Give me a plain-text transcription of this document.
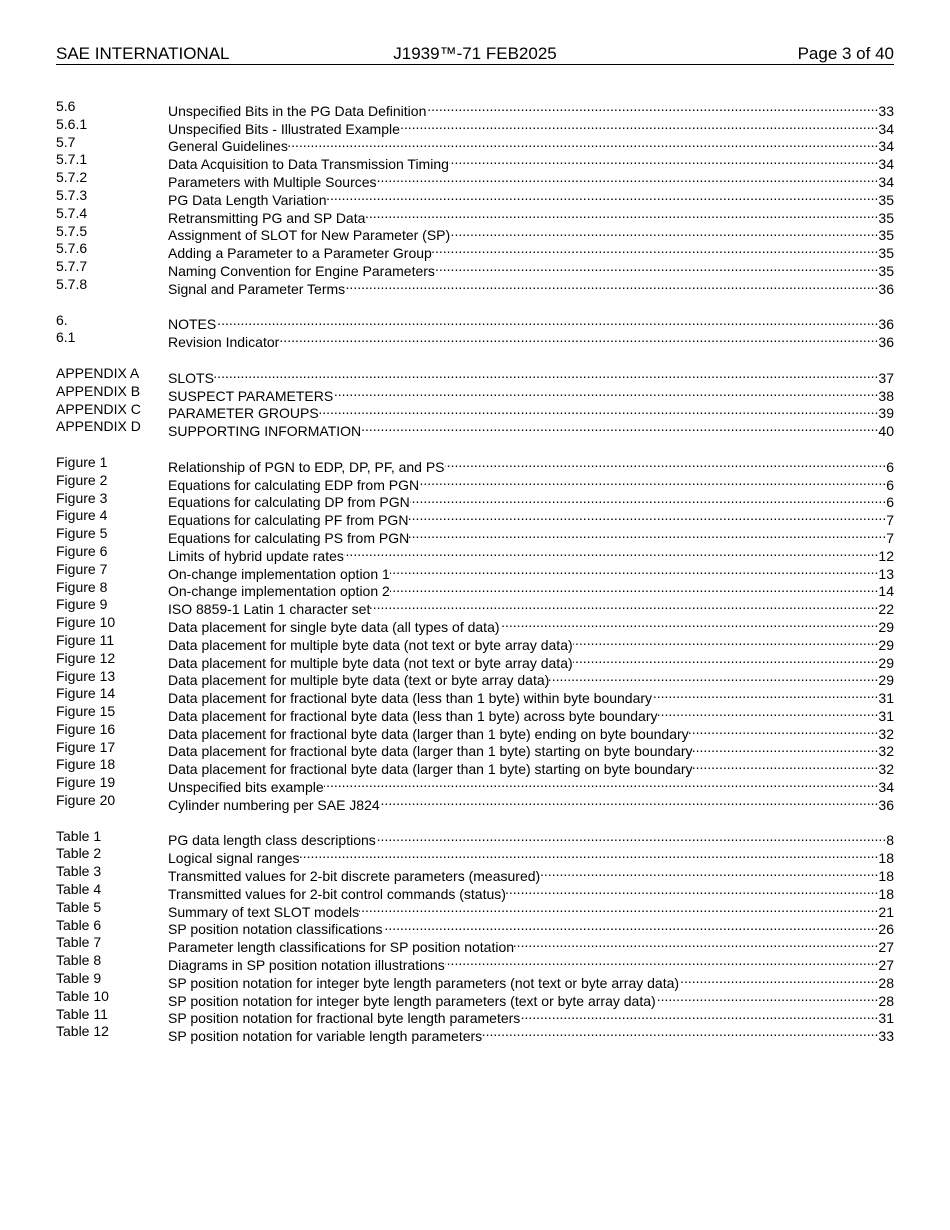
SAE INTERNATIONAL	J1939™-71 FEB2025	Page 3 of 40
5.6	Unspecified Bits in the PG Data Definition .....	33
5.6.1	Unspecified Bits - Illustrated Example .....	34
5.7	General Guidelines .....	34
5.7.1	Data Acquisition to Data Transmission Timing .....	34
5.7.2	Parameters with Multiple Sources .....	34
5.7.3	PG Data Length Variation .....	35
5.7.4	Retransmitting PG and SP Data .....	35
5.7.5	Assignment of SLOT for New Parameter (SP) .....	35
5.7.6	Adding a Parameter to a Parameter Group .....	35
5.7.7	Naming Convention for Engine Parameters .....	35
5.7.8	Signal and Parameter Terms .....	36
6.	NOTES .....	36
6.1	Revision Indicator .....	36
APPENDIX A SLOTS .....	37
APPENDIX B SUSPECT PARAMETERS .....	38
APPENDIX C PARAMETER GROUPS .....	39
APPENDIX D SUPPORTING INFORMATION .....	40
Figure 1	Relationship of PGN to EDP, DP, PF, and PS .....	6
Figure 2	Equations for calculating EDP from PGN .....	6
Figure 3	Equations for calculating DP from PGN .....	6
Figure 4	Equations for calculating PF from PGN .....	7
Figure 5	Equations for calculating PS from PGN .....	7
Figure 6	Limits of hybrid update rates .....	12
Figure 7	On-change implementation option 1 .....	13
Figure 8	On-change implementation option 2 .....	14
Figure 9	ISO 8859-1 Latin 1 character set .....	22
Figure 10	Data placement for single byte data (all types of data) .....	29
Figure 11	Data placement for multiple byte data (not text or byte array data) .....	29
Figure 12	Data placement for multiple byte data (not text or byte array data) .....	29
Figure 13	Data placement for multiple byte data (text or byte array data) .....	29
Figure 14	Data placement for fractional byte data (less than 1 byte) within byte boundary .....	31
Figure 15	Data placement for fractional byte data (less than 1 byte) across byte boundary .....	31
Figure 16	Data placement for fractional byte data (larger than 1 byte) ending on byte boundary .....	32
Figure 17	Data placement for fractional byte data (larger than 1 byte) starting on byte boundary .....	32
Figure 18	Data placement for fractional byte data (larger than 1 byte) starting on byte boundary .....	32
Figure 19	Unspecified bits example .....	34
Figure 20	Cylinder numbering per SAE J824 .....	36
Table 1	PG data length class descriptions .....	8
Table 2	Logical signal ranges .....	18
Table 3	Transmitted values for 2-bit discrete parameters (measured) .....	18
Table 4	Transmitted values for 2-bit control commands (status) .....	18
Table 5	Summary of text SLOT models .....	21
Table 6	SP position notation classifications .....	26
Table 7	Parameter length classifications for SP position notation .....	27
Table 8	Diagrams in SP position notation illustrations .....	27
Table 9	SP position notation for integer byte length parameters (not text or byte array data) .....	28
Table 10	SP position notation for integer byte length parameters (text or byte array data) .....	28
Table 11	SP position notation for fractional byte length parameters .....	31
Table 12	SP position notation for variable length parameters .....	33
